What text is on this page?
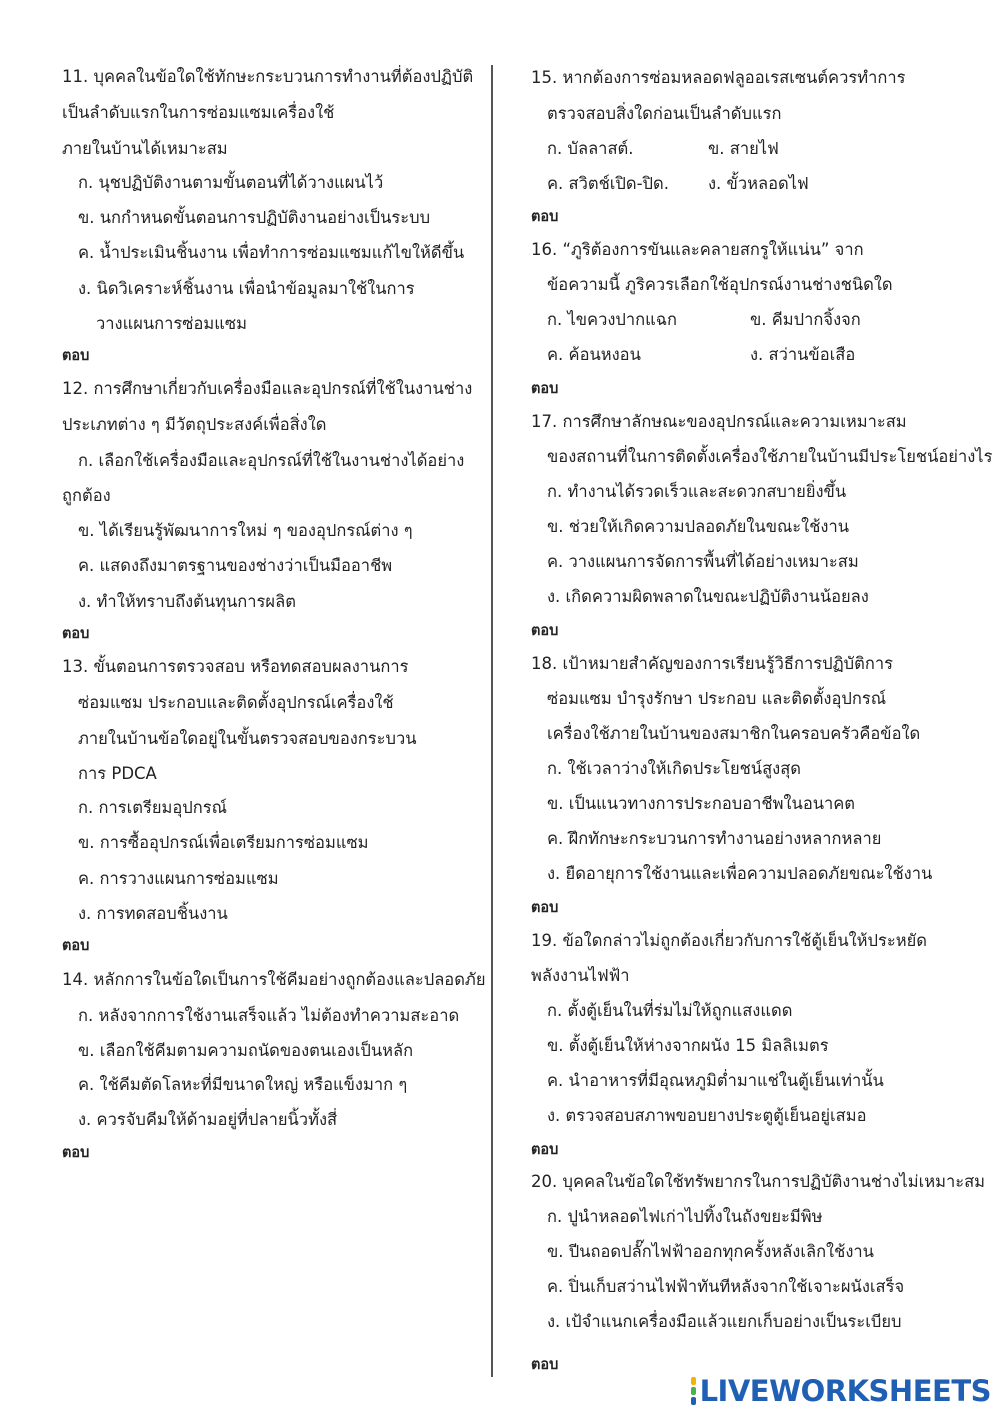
11. บุคคลในข้อใดใช้ทักษะกระบวนการทำงานที่ต้องปฏิบัติ
เป็นลำดับแรกในการซ่อมแซมเครื่องใช้
ภายในบ้านได้เหมาะสม
ก. นุชปฏิบัติงานตามขั้นตอนที่ได้วางแผนไว้
ข. นกกำหนดขั้นตอนการปฏิบัติงานอย่างเป็นระบบ
ค. น้ำประเมินชิ้นงาน เพื่อทำการซ่อมแซมแก้ไขให้ดีขึ้น
ง. นิดวิเคราะห์ชิ้นงาน เพื่อนำข้อมูลมาใช้ในการ
วางแผนการซ่อมแซม
ตอบ
12. การศึกษาเกี่ยวกับเครื่องมือและอุปกรณ์ที่ใช้ในงานช่าง
ประเภทต่าง ๆ มีวัตถุประสงค์เพื่อสิ่งใด
ก. เลือกใช้เครื่องมือและอุปกรณ์ที่ใช้ในงานช่างได้อย่าง
ถูกต้อง
ข. ได้เรียนรู้พัฒนาการใหม่ ๆ ของอุปกรณ์ต่าง ๆ
ค. แสดงถึงมาตรฐานของช่างว่าเป็นมืออาชีพ
ง. ทำให้ทราบถึงต้นทุนการผลิต
ตอบ
13. ขั้นตอนการตรวจสอบ หรือทดสอบผลงานการ
ซ่อมแซม ประกอบและติดตั้งอุปกรณ์เครื่องใช้
ภายในบ้านข้อใดอยู่ในขั้นตรวจสอบของกระบวน
การ PDCA
ก. การเตรียมอุปกรณ์
ข. การซื้ออุปกรณ์เพื่อเตรียมการซ่อมแซม
ค. การวางแผนการซ่อมแซม
ง. การทดสอบชิ้นงาน
ตอบ
14. หลักการในข้อใดเป็นการใช้คีมอย่างถูกต้องและปลอดภัย
ก. หลังจากการใช้งานเสร็จแล้ว ไม่ต้องทำความสะอาด
ข. เลือกใช้คีมตามความถนัดของตนเองเป็นหลัก
ค. ใช้คีมตัดโลหะที่มีขนาดใหญ่ หรือแข็งมาก ๆ
ง. ควรจับคีมให้ด้ามอยู่ที่ปลายนิ้วทั้งสี่
ตอบ
15. หากต้องการซ่อมหลอดฟลูออเรสเซนต์ควรทำการ
ตรวจสอบสิ่งใดก่อนเป็นลำดับแรก
ก. บัลลาสต์.	ข. สายไฟ
ค. สวิตช์เปิด-ปิด. ง. ขั้วหลอดไฟ
ตอบ
16. “ภูริต้องการขันและคลายสกรูให้แน่น” จาก
ข้อความนี้ ภูริควรเลือกใช้อุปกรณ์งานช่างชนิดใด
ก. ไขควงปากแฉก	ข. คีมปากจิ้งจก
ค. ค้อนหงอน	ง. สว่านข้อเสือ
ตอบ
17. การศึกษาลักษณะของอุปกรณ์และความเหมาะสม
ของสถานที่ในการติดตั้งเครื่องใช้ภายในบ้านมีประโยชน์อย่างไร
ก. ทำงานได้รวดเร็วและสะดวกสบายยิ่งขึ้น
ข. ช่วยให้เกิดความปลอดภัยในขณะใช้งาน
ค. วางแผนการจัดการพื้นที่ได้อย่างเหมาะสม
ง. เกิดความผิดพลาดในขณะปฏิบัติงานน้อยลง
ตอบ
18. เป้าหมายสำคัญของการเรียนรู้วิธีการปฏิบัติการ
ซ่อมแซม บำรุงรักษา ประกอบ และติดตั้งอุปกรณ์
เครื่องใช้ภายในบ้านของสมาชิกในครอบครัวคือข้อใด
ก. ใช้เวลาว่างให้เกิดประโยชน์สูงสุด
ข. เป็นแนวทางการประกอบอาชีพในอนาคต
ค. ฝึกทักษะกระบวนการทำงานอย่างหลากหลาย
ง. ยืดอายุการใช้งานและเพื่อความปลอดภัยขณะใช้งาน
ตอบ
19. ข้อใดกล่าวไม่ถูกต้องเกี่ยวกับการใช้ตู้เย็นให้ประหยัด
พลังงานไฟฟ้า
ก. ตั้งตู้เย็นในที่ร่มไม่ให้ถูกแสงแดด
ข. ตั้งตู้เย็นให้ห่างจากผนัง 15 มิลลิเมตร
ค. นำอาหารที่มีอุณหภูมิต่ำมาแช่ในตู้เย็นเท่านั้น
ง. ตรวจสอบสภาพขอบยางประตูตู้เย็นอยู่เสมอ
ตอบ
20. บุคคลในข้อใดใช้ทรัพยากรในการปฏิบัติงานช่างไม่เหมาะสม
ก. ปูนำหลอดไฟเก่าไปทิ้งในถังขยะมีพิษ
ข. ปีนถอดปลั๊กไฟฟ้าออกทุกครั้งหลังเลิกใช้งาน
ค. ปิ่นเก็บสว่านไฟฟ้าทันทีหลังจากใช้เจาะผนังเสร็จ
ง. เป้จำแนกเครื่องมือแล้วแยกเก็บอย่างเป็นระเบียบ
ตอบ
LIVEWORKSHEETS
